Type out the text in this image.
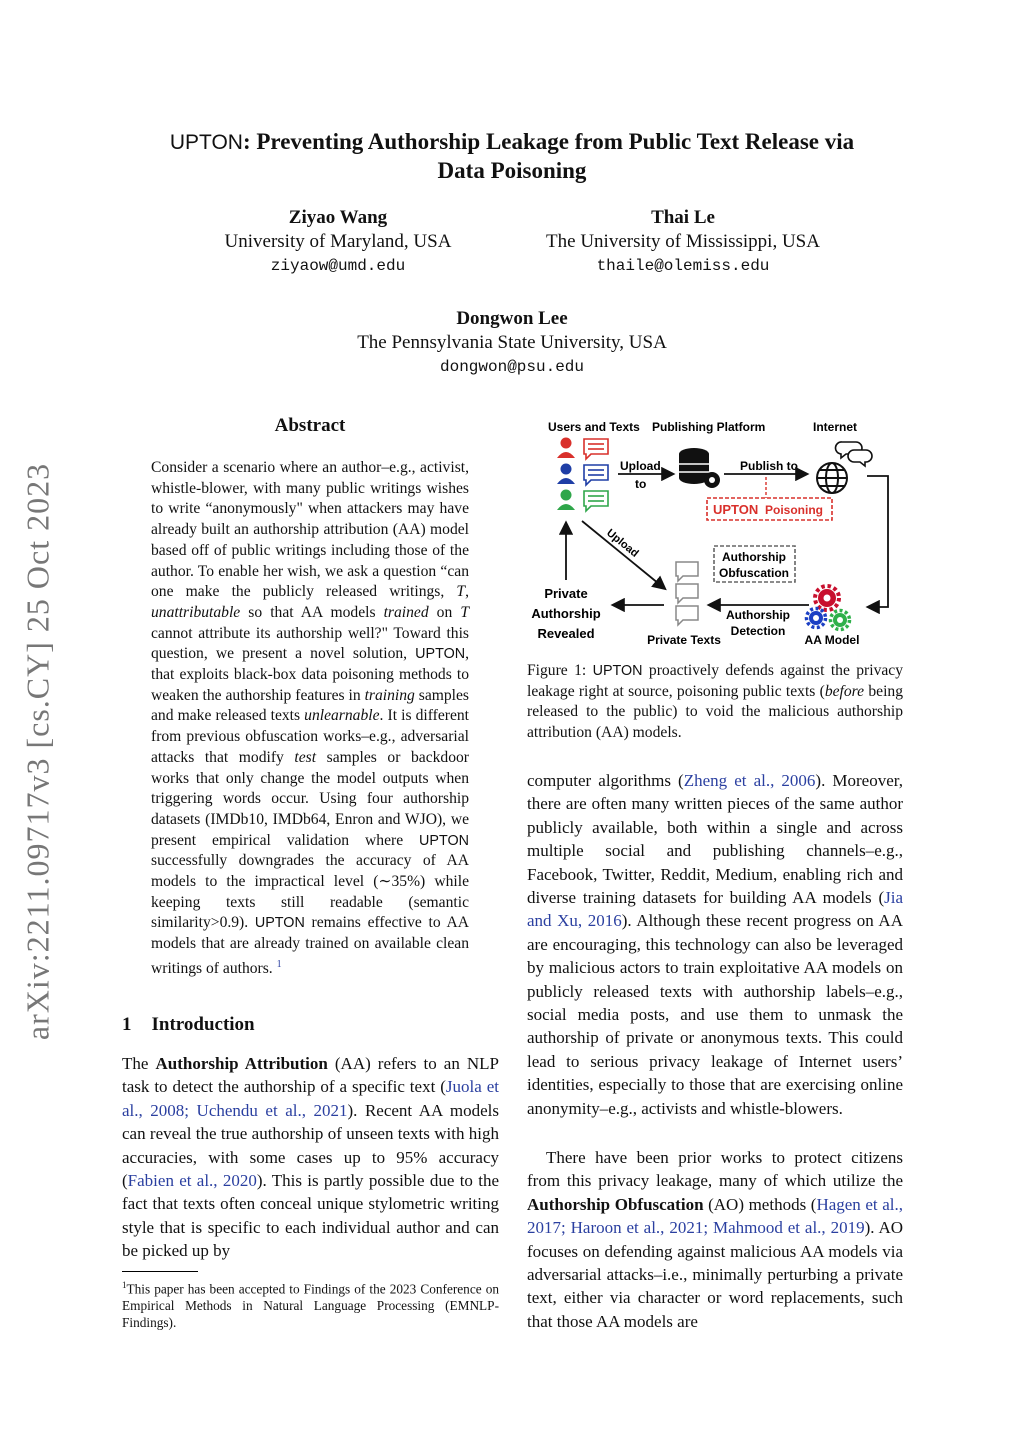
UPTON: Preventing Authorship Leakage from Public Text Release via
Data Poisoning
Ziyao Wang
University of Maryland, USA
ziyaow@umd.edu
Thai Le
The University of Mississippi, USA
thaile@olemiss.edu
Dongwon Lee
The Pennsylvania State University, USA
dongwon@psu.edu
arXiv:2211.09717v3 [cs.CY] 25 Oct 2023
Abstract
Consider a scenario where an author–e.g., activist, whistle-blower, with many public writings wishes to write “anonymously" when attackers may have already built an authorship attribution (AA) model based off of public writings including those of the author. To enable her wish, we ask a question “can one make the publicly released writings, T, unattributable so that AA models trained on T cannot attribute its authorship well?" Toward this question, we present a novel solution, UPTON, that exploits black-box data poisoning methods to weaken the authorship features in training samples and make released texts unlearnable. It is different from previous obfuscation works–e.g., adversarial attacks that modify test samples or backdoor works that only change the model outputs when triggering words occur. Using four authorship datasets (IMDb10, IMDb64, Enron and WJO), we present empirical validation where UPTON successfully downgrades the accuracy of AA models to the impractical level (∼35%) while keeping texts still readable (semantic similarity>0.9). UPTON remains effective to AA models that are already trained on available clean writings of authors. $^1$
1 Introduction
The Authorship Attribution (AA) refers to an NLP task to detect the authorship of a specific text (Juola et al., 2008; Uchendu et al., 2021). Recent AA models can reveal the true authorship of unseen texts with high accuracies, with some cases up to 95% accuracy (Fabien et al., 2020). This is partly possible due to the fact that texts often conceal unique stylometric writing style that is specific to each individual author and can be picked up by
$^1$This paper has been accepted to Findings of the 2023 Conference on Empirical Methods in Natural Language Processing (EMNLP-Findings).
Users and Texts Publishing Platform	Internet
Upload
to
Publish to
UPTON Poisoning
Upload	Authorship
Obfuscation
Private Texts
Authorship
Detection
Private
Authorship
Revealed	AA Model
Figure 1: UPTON proactively defends against the privacy leakage right at source, poisoning public texts (before being released to the public) to void the malicious authorship attribution (AA) models.
computer algorithms (Zheng et al., 2006). Moreover, there are often many written pieces of the same author publicly available, both within a single and across multiple social and publishing channels–e.g., Facebook, Twitter, Reddit, Medium, enabling rich and diverse training datasets for building AA models (Jia and Xu, 2016). Although these recent progress on AA are encouraging, this technology can also be leveraged by malicious actors to train exploitative AA models on publicly released texts with authorship labels–e.g., social media posts, and use them to unmask the authorship of private or anonymous texts. This could lead to serious privacy leakage of Internet users’ identities, especially to those that are exercising online anonymity–e.g., activists and whistle-blowers.
There have been prior works to protect citizens from this privacy leakage, many of which utilize the Authorship Obfuscation (AO) methods (Hagen et al., 2017; Haroon et al., 2021; Mahmood et al., 2019). AO focuses on defending against malicious AA models via adversarial attacks–i.e., minimally perturbing a private text, either via character or word replacements, such that those AA models are
